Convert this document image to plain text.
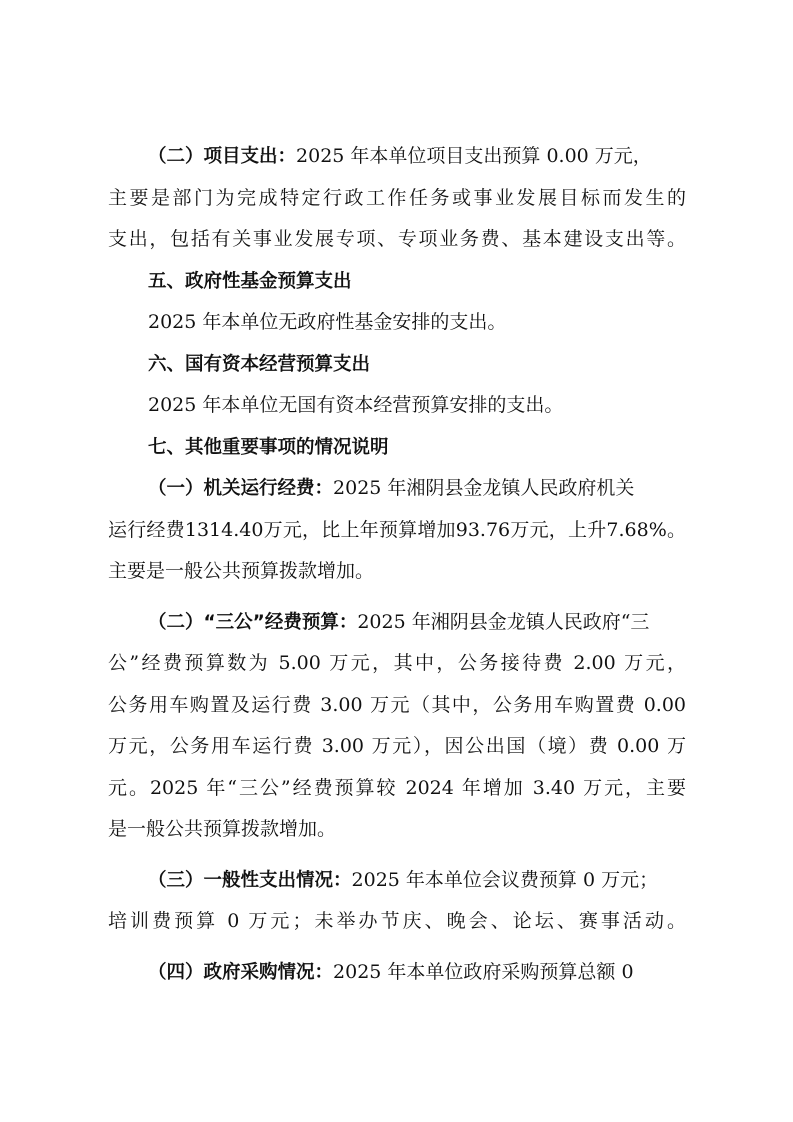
（二）项目支出：2025 年本单位项目支出预算 0.00 万元，
主要是部门为完成特定行政工作任务或事业发展目标而发生的
支出，包括有关事业发展专项、专项业务费、基本建设支出等。
五、政府性基金预算支出
2025 年本单位无政府性基金安排的支出。
六、国有资本经营预算支出
2025 年本单位无国有资本经营预算安排的支出。
七、其他重要事项的情况说明
（一）机关运行经费：2025 年湘阴县金龙镇人民政府机关
运行经费1314.40万元，比上年预算增加93.76万元，上升7.68%。
主要是一般公共预算拨款增加。
（二）“三公”经费预算：2025 年湘阴县金龙镇人民政府“三
公”经费预算数为 5.00 万元，其中，公务接待费 2.00 万元，
公务用车购置及运行费 3.00 万元（其中，公务用车购置费 0.00
万元，公务用车运行费 3.00 万元），因公出国（境）费 0.00 万
元。2025 年“三公”经费预算较 2024 年增加 3.40 万元，主要
是一般公共预算拨款增加。
（三）一般性支出情况：2025 年本单位会议费预算 0 万元；
培训费预算 0 万元；未举办节庆、晚会、论坛、赛事活动。
（四）政府采购情况：2025 年本单位政府采购预算总额 0
